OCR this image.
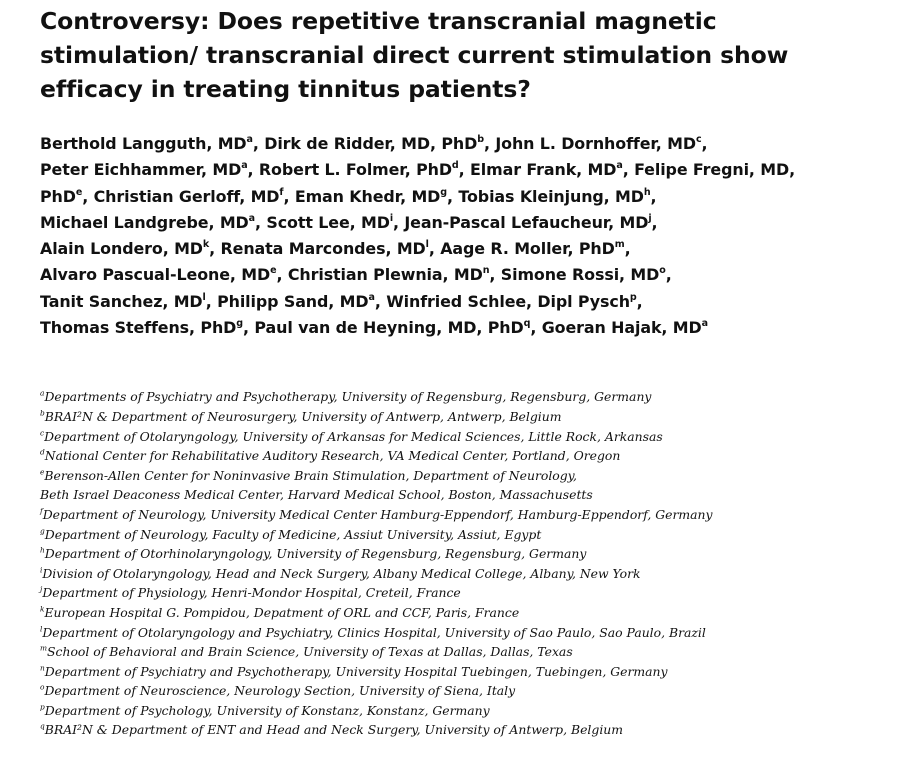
Controversy: Does repetitive transcranial magnetic
stimulation/ transcranial direct current stimulation show
efficacy in treating tinnitus patients?
Berthold Langguth, $MD^a$, Dirk de Ridder, MD, PhD$^b$, John L. Dornhoffer, $MD^c$,
Peter Eichhammer, $MD^a$, Robert L. Folmer, PhD$^d$, Elmar Frank, $MD^a$, Felipe Fregni, MD,
PhD$^e$, Christian Gerloff, $MD^f$, Eman Khedr, $MD^g$, Tobias Kleinjung, $MD^h$,
Michael Landgrebe, $MD^a$, Scott Lee, $MD^i$, Jean-Pascal Lefaucheur, $MD^j$,
Alain Londero, $MD^k$, Renata Marcondes, $MD^l$, Aage R. Moller, PhD$^m$,
Alvaro Pascual-Leone, MDe, Christian Plewnia, $MD^n$, Simone Rossi, $MD^o$,
Tanit Sanchez, $MD^l$, Philipp Sand, $MD^a$, Winfried Schlee, Dipl Pysch$^p$,
Thomas Steffens, PhD$^g$, Paul van de Heyning, MD, PhD$^q$, Goeran Hajak, $MD^a$
$^a$Departments of Psychiatry and Psychotherapy, University of Regensburg, Regensburg, Germany
$^b$BRAI²N & Department of Neurosurgery, University of Antwerp, Antwerp, Belgium
$^c$Department of Otolaryngology, University of Arkansas for Medical Sciences, Little Rock, Arkansas
$^d$National Center for Rehabilitative Auditory Research, VA Medical Center, Portland, Oregon
$^e$Berenson-Allen Center for Noninvasive Brain Stimulation, Department of Neurology,
Beth Israel Deaconess Medical Center, Harvard Medical School, Boston, Massachusetts
$^f$Department of Neurology, University Medical Center Hamburg-Eppendorf, Hamburg-Eppendorf, Germany
$^g$Department of Neurology, Faculty of Medicine, Assiut University, Assiut, Egypt
$^h$Department of Otorhinolaryngology, University of Regensburg, Regensburg, Germany
$^i$Division of Otolaryngology, Head and Neck Surgery, Albany Medical College, Albany, New York
$^j$Department of Physiology, Henri-Mondor Hospital, Creteil, France
$^k$European Hospital G. Pompidou, Depatment of ORL and CCF, Paris, France
$^l$Department of Otolaryngology and Psychiatry, Clinics Hospital, University of Sao Paulo, Sao Paulo, Brazil
$^m$School of Behavioral and Brain Science, University of Texas at Dallas, Dallas, Texas
$^n$Department of Psychiatry and Psychotherapy, University Hospital Tuebingen, Tuebingen, Germany
$^o$Department of Neuroscience, Neurology Section, University of Siena, Italy
$^p$Department of Psychology, University of Konstanz, Konstanz, Germany
$^q$BRAI²N & Department of ENT and Head and Neck Surgery, University of Antwerp, Belgium
